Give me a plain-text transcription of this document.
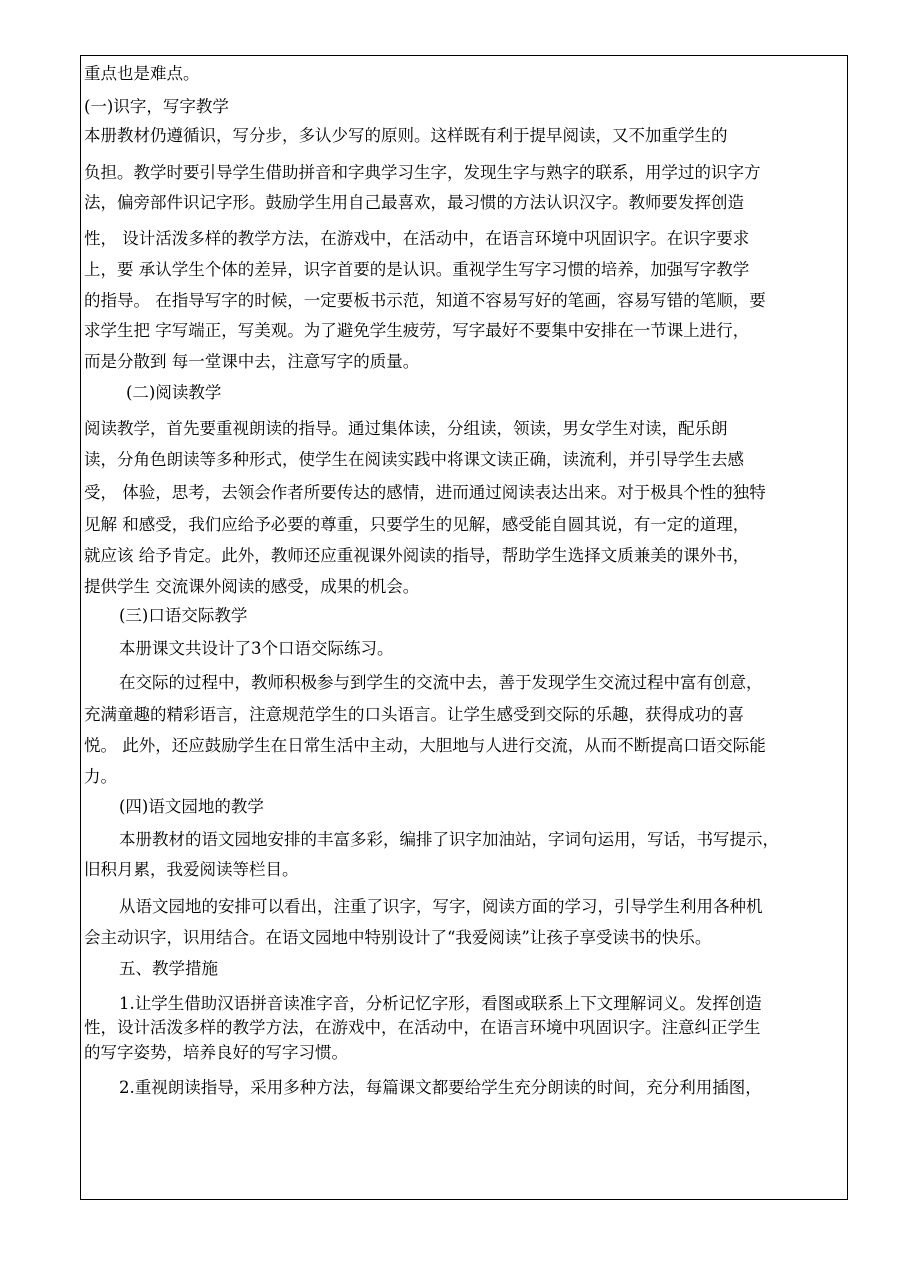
重点也是难点。
(一)识字，写字教学
本册教材仍遵循识，写分步，多认少写的原则。这样既有利于提早阅读，又不加重学生的
负担。教学时要引导学生借助拼音和字典学习生字，发现生字与熟字的联系，用学过的识字方
法，偏旁部件识记字形。鼓励学生用自己最喜欢，最习惯的方法认识汉字。教师要发挥创造
性， 设计活泼多样的教学方法，在游戏中，在活动中，在语言环境中巩固识字。在识字要求
上，要 承认学生个体的差异，识字首要的是认识。重视学生写字习惯的培养，加强写字教学
的指导。 在指导写字的时候，一定要板书示范，知道不容易写好的笔画，容易写错的笔顺，要
求学生把 字写端正，写美观。为了避免学生疲劳，写字最好不要集中安排在一节课上进行，
而是分散到 每一堂课中去，注意写字的质量。
(二)阅读教学
阅读教学，首先要重视朗读的指导。通过集体读，分组读，领读，男女学生对读，配乐朗
读，分角色朗读等多种形式，使学生在阅读实践中将课文读正确，读流利，并引导学生去感
受， 体验，思考，去领会作者所要传达的感情，进而通过阅读表达出来。对于极具个性的独特
见解 和感受，我们应给予必要的尊重，只要学生的见解，感受能自圆其说，有一定的道理，
就应该 给予肯定。此外，教师还应重视课外阅读的指导，帮助学生选择文质兼美的课外书，
提供学生 交流课外阅读的感受，成果的机会。
(三)口语交际教学
本册课文共设计了3个口语交际练习。
在交际的过程中，教师积极参与到学生的交流中去，善于发现学生交流过程中富有创意，
充满童趣的精彩语言，注意规范学生的口头语言。让学生感受到交际的乐趣，获得成功的喜
悦。 此外，还应鼓励学生在日常生活中主动，大胆地与人进行交流，从而不断提高口语交际能
力。
(四)语文园地的教学
本册教材的语文园地安排的丰富多彩，编排了识字加油站，字词句运用，写话，书写提示，
旧积月累，我爱阅读等栏目。
从语文园地的安排可以看出，注重了识字，写字，阅读方面的学习，引导学生利用各种机
会主动识字，识用结合。在语文园地中特别设计了“我爱阅读”让孩子享受读书的快乐。
五、教学措施
1.让学生借助汉语拼音读准字音，分析记忆字形，看图或联系上下文理解词义。发挥创造
性，设计活泼多样的教学方法，在游戏中，在活动中，在语言环境中巩固识字。注意纠正学生
的写字姿势，培养良好的写字习惯。
2.重视朗读指导，采用多种方法，每篇课文都要给学生充分朗读的时间，充分利用插图，
